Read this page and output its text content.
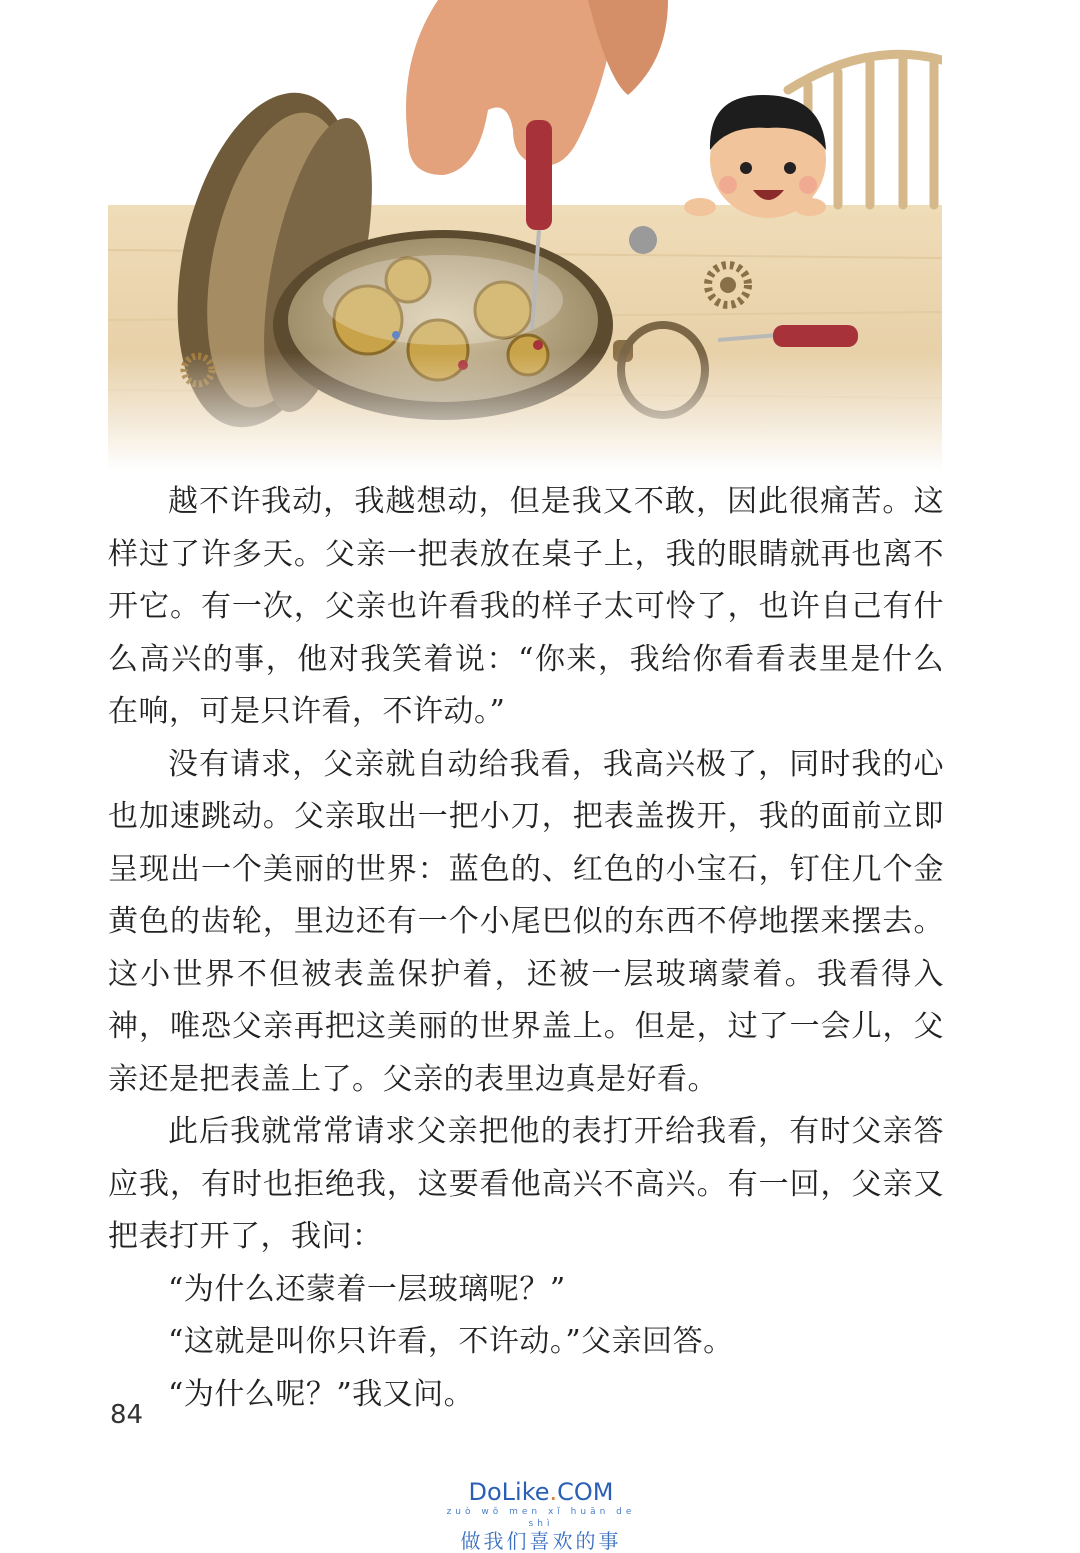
越不许我动，我越想动，但是我又不敢，因此很痛苦。这样过了许多天。父亲一把表放在桌子上，我的眼睛就再也离不开它。有一次，父亲也许看我的样子太可怜了，也许自己有什么高兴的事，他对我笑着说：“你来，我给你看看表里是什么在响，可是只许看，不许动。”

没有请求，父亲就自动给我看，我高兴极了，同时我的心也加速跳动。父亲取出一把小刀，把表盖拨开，我的面前立即呈现出一个美丽的世界：蓝色的、红色的小宝石，钉住几个金黄色的齿轮，里边还有一个小尾巴似的东西不停地摆来摆去。这小世界不但被表盖保护着，还被一层玻璃蒙着。我看得入神，唯恐父亲再把这美丽的世界盖上。但是，过了一会儿，父亲还是把表盖上了。父亲的表里边真是好看。

此后我就常常请求父亲把他的表打开给我看，有时父亲答应我，有时也拒绝我，这要看他高兴不高兴。有一回，父亲又把表打开了，我问：

“为什么还蒙着一层玻璃呢？”

“这就是叫你只许看，不许动。”父亲回答。

“为什么呢？”我又问。

84
DoLike.COM
zuò wǒ men xǐ huān de shì
做我们喜欢的事
